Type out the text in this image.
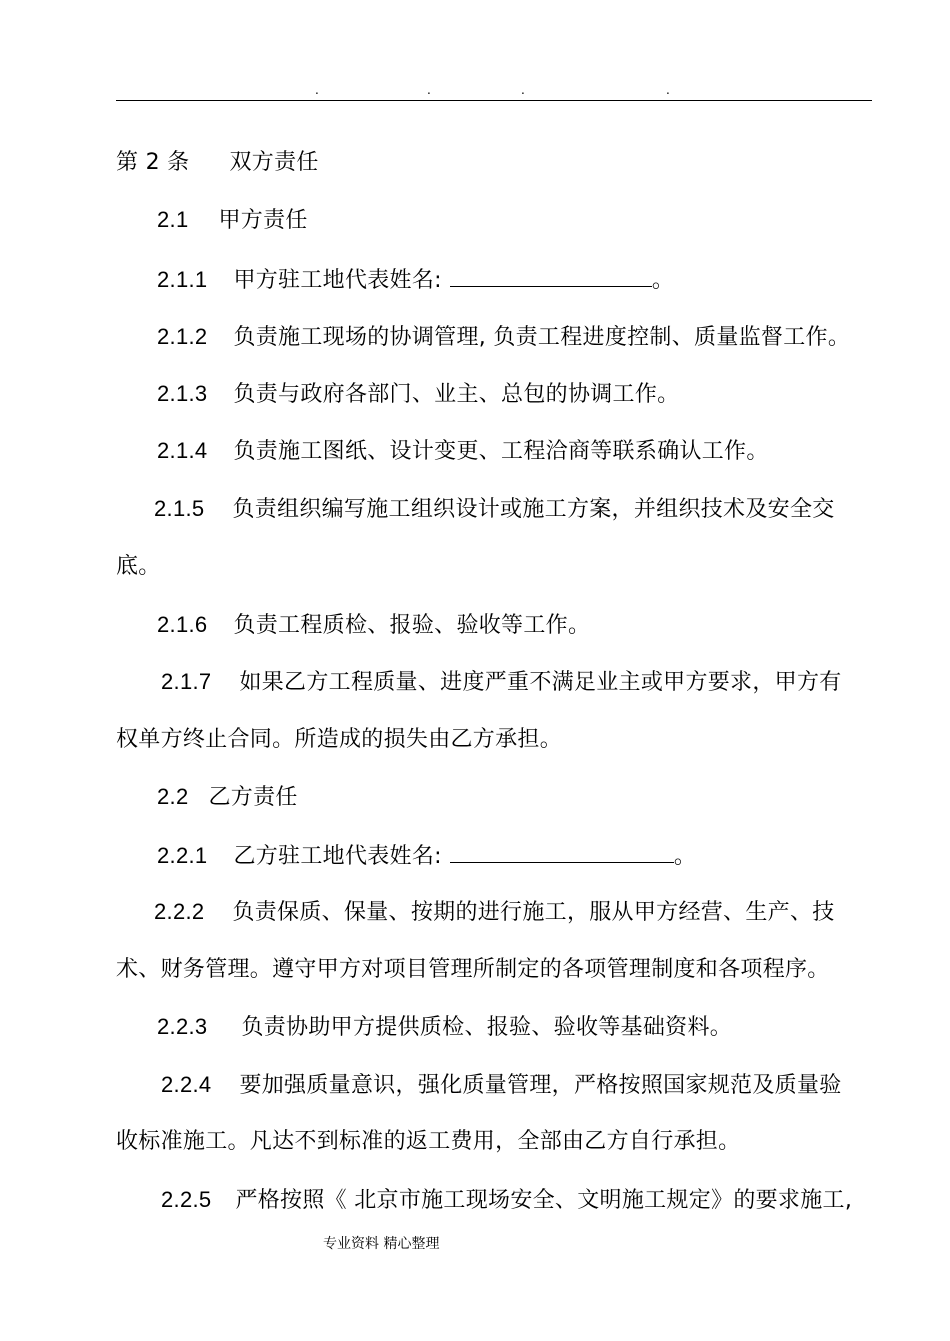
.	.	.	.
第 2 条 双方责任
2.1 甲方责任
2.1.1 甲方驻工地代表姓名:	。
2.1.2 负责施工现场的协调管理, 负责工程进度控制、质量监督工作。
2.1.3 负责与政府各部门、业主、总包的协调工作。
2.1.4 负责施工图纸、设计变更、工程洽商等联系确认工作。
2.1.5 负责组织编写施工组织设计或施工方案，并组织技术及安全交
底。
2.1.6 负责工程质检、报验、验收等工作。
2.1.7 如果乙方工程质量、进度严重不满足业主或甲方要求，甲方有
权单方终止合同。所造成的损失由乙方承担。
2.2 乙方责任
2.2.1 乙方驻工地代表姓名:	。
2.2.2 负责保质、保量、按期的进行施工，服从甲方经营、生产、技
术、财务管理。遵守甲方对项目管理所制定的各项管理制度和各项程序。
2.2.3 负责协助甲方提供质检、报验、验收等基础资料。
2.2.4 要加强质量意识，强化质量管理，严格按照国家规范及质量验
收标准施工。凡达不到标准的返工费用，全部由乙方自行承担。
2.2.5 严格按照《 北京市施工现场安全、文明施工规定》的要求施工,
专业资料 精心整理
